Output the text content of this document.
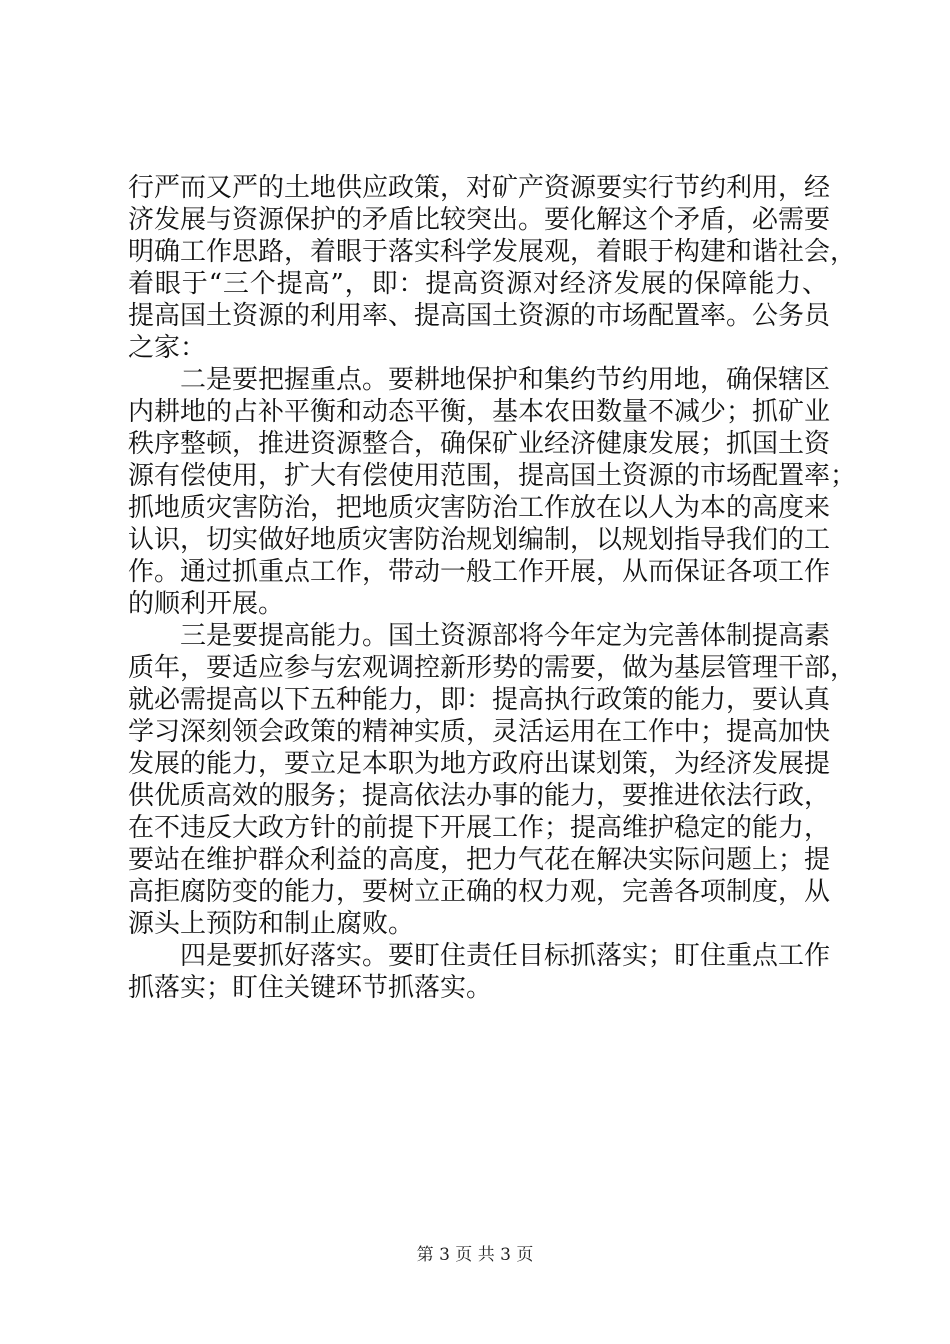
行严而又严的土地供应政策，对矿产资源要实行节约利用，经
济发展与资源保护的矛盾比较突出。要化解这个矛盾，必需要
明确工作思路，着眼于落实科学发展观，着眼于构建和谐社会，
着眼于“三个提高”，即：提高资源对经济发展的保障能力、
提高国土资源的利用率、提高国土资源的市场配置率。公务员
之家：
　　二是要把握重点。要耕地保护和集约节约用地，确保辖区
内耕地的占补平衡和动态平衡，基本农田数量不减少；抓矿业
秩序整顿，推进资源整合，确保矿业经济健康发展；抓国土资
源有偿使用，扩大有偿使用范围，提高国土资源的市场配置率；
抓地质灾害防治，把地质灾害防治工作放在以人为本的高度来
认识，切实做好地质灾害防治规划编制，以规划指导我们的工
作。通过抓重点工作，带动一般工作开展，从而保证各项工作
的顺利开展。
　　三是要提高能力。国土资源部将今年定为完善体制提高素
质年，要适应参与宏观调控新形势的需要，做为基层管理干部，
就必需提高以下五种能力，即：提高执行政策的能力，要认真
学习深刻领会政策的精神实质，灵活运用在工作中；提高加快
发展的能力，要立足本职为地方政府出谋划策，为经济发展提
供优质高效的服务；提高依法办事的能力，要推进依法行政，
在不违反大政方针的前提下开展工作；提高维护稳定的能力，
要站在维护群众利益的高度，把力气花在解决实际问题上；提
高拒腐防变的能力，要树立正确的权力观，完善各项制度，从
源头上预防和制止腐败。
　　四是要抓好落实。要盯住责任目标抓落实；盯住重点工作
抓落实；盯住关键环节抓落实。
第 3 页 共 3 页
